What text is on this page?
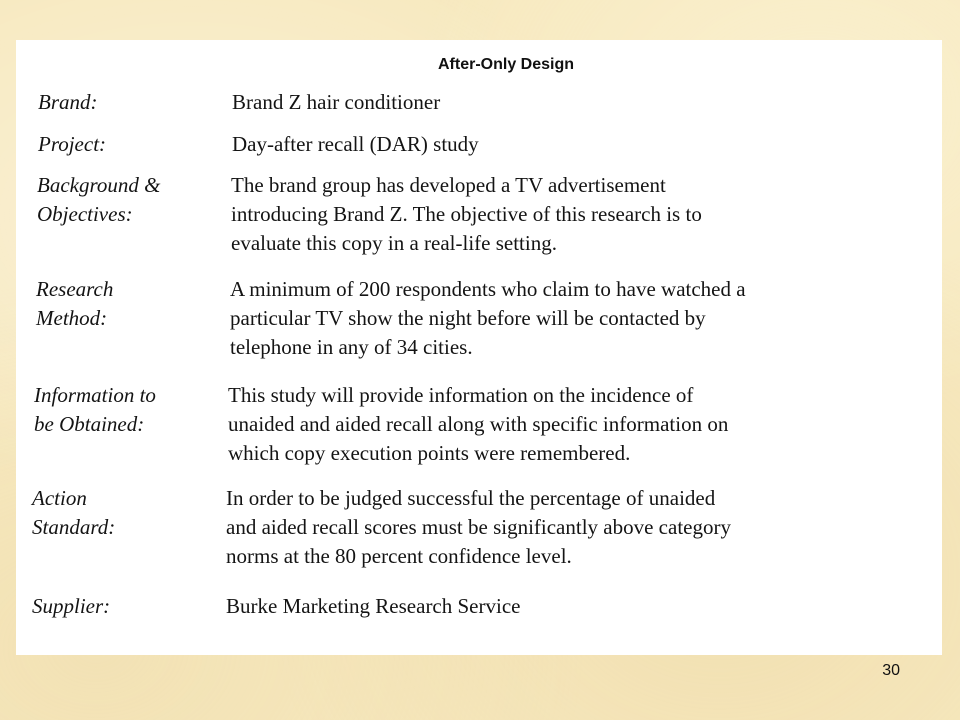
After-Only Design
Brand:	Brand Z hair conditioner
Project:	Day-after recall (DAR) study
Background &
Objectives:
The brand group has developed a TV advertisement
introducing Brand Z. The objective of this research is to
evaluate this copy in a real-life setting.
Research
Method:
A minimum of 200 respondents who claim to have watched a
particular TV show the night before will be contacted by
telephone in any of 34 cities.
Information to
be Obtained:
This study will provide information on the incidence of
unaided and aided recall along with specific information on
which copy execution points were remembered.
Action
Standard:
In order to be judged successful the percentage of unaided
and aided recall scores must be significantly above category
norms at the 80 percent confidence level.
Supplier:	Burke Marketing Research Service
30
